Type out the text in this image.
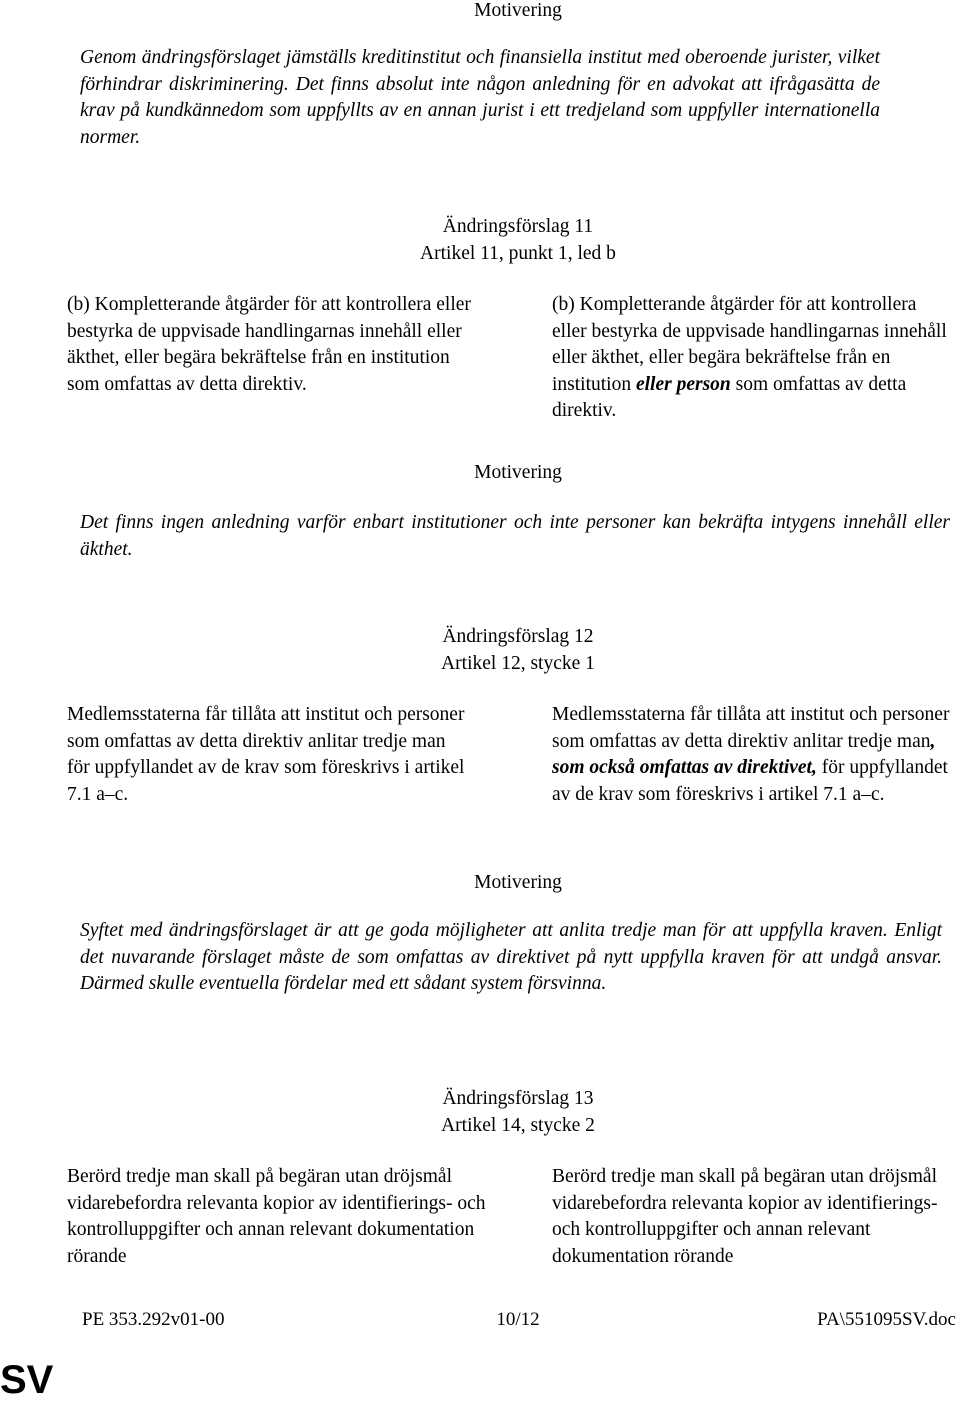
Motivering

Genom ändringsförslaget jämställs kreditinstitut och finansiella institut med oberoende jurister, vilket förhindrar diskriminering. Det finns absolut inte någon anledning för en advokat att ifrågasätta de krav på kundkännedom som uppfyllts av en annan jurist i ett tredjeland som uppfyller internationella normer.

Ändringsförslag 11
Artikel 11, punkt 1, led b

(b) Kompletterande åtgärder för att kontrollera eller bestyrka de uppvisade handlingarnas innehåll eller äkthet, eller begära bekräftelse från en institution som omfattas av detta direktiv.

(b) Kompletterande åtgärder för att kontrollera eller bestyrka de uppvisade handlingarnas innehåll eller äkthet, eller begära bekräftelse från en institution eller person som omfattas av detta direktiv.

Motivering

Det finns ingen anledning varför enbart institutioner och inte personer kan bekräfta intygens innehåll eller äkthet.

Ändringsförslag 12
Artikel 12, stycke 1

Medlemsstaterna får tillåta att institut och personer som omfattas av detta direktiv anlitar tredje man för uppfyllandet av de krav som föreskrivs i artikel 7.1 a–c.

Medlemsstaterna får tillåta att institut och personer som omfattas av detta direktiv anlitar tredje man, som också omfattas av direktivet, för uppfyllandet av de krav som föreskrivs i artikel 7.1 a–c.

Motivering

Syftet med ändringsförslaget är att ge goda möjligheter att anlita tredje man för att uppfylla kraven. Enligt det nuvarande förslaget måste de som omfattas av direktivet på nytt uppfylla kraven för att undgå ansvar. Därmed skulle eventuella fördelar med ett sådant system försvinna.

Ändringsförslag 13
Artikel 14, stycke 2

Berörd tredje man skall på begäran utan dröjsmål vidarebefordra relevanta kopior av identifierings- och kontrolluppgifter och annan relevant dokumentation rörande

Berörd tredje man skall på begäran utan dröjsmål vidarebefordra relevanta kopior av identifierings- och kontrolluppgifter och annan relevant dokumentation rörande

PE 353.292v01-00	10/12	PA\551095SV.doc
SV
